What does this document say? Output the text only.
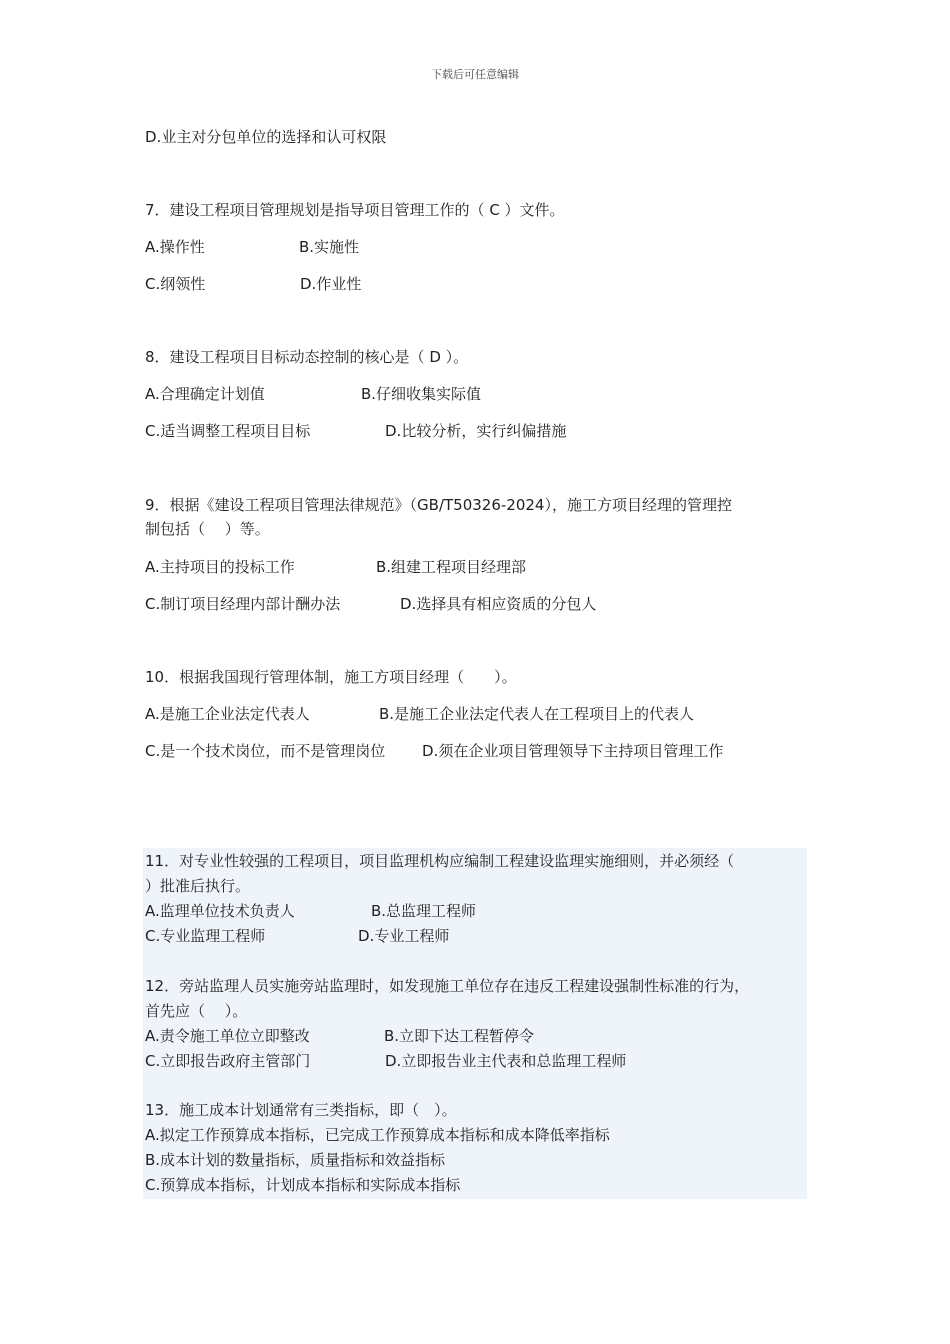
下载后可任意编辑
D.业主对分包单位的选择和认可权限
7．建设工程项目管理规划是指导项目管理工作的（ C ）文件。
A.操作性	B.实施性
C.纲领性	D.作业性
8．建设工程项目目标动态控制的核心是（ D ）。
A.合理确定计划值	B.仔细收集实际值
C.适当调整工程项目目标	D.比较分析，实行纠偏措施
9．根据《建设工程项目管理法律规范》（GB/T50326-2024），施工方项目经理的管理控
制包括（　 ）等。
A.主持项目的投标工作	B.组建工程项目经理部
C.制订项目经理内部计酬办法	D.选择具有相应资质的分包人
10．根据我国现行管理体制，施工方项目经理（　　）。
A.是施工企业法定代表人	B.是施工企业法定代表人在工程项目上的代表人
C.是一个技术岗位，而不是管理岗位 D.须在企业项目管理领导下主持项目管理工作
11．对专业性较强的工程项目，项目监理机构应编制工程建设监理实施细则，并必须经（
）批准后执行。
A.监理单位技术负责人	B.总监理工程师
C.专业监理工程师	D.专业工程师
12．旁站监理人员实施旁站监理时，如发现施工单位存在违反工程建设强制性标准的行为，
首先应（　 ）。
A.责令施工单位立即整改	B.立即下达工程暂停令
C.立即报告政府主管部门	D.立即报告业主代表和总监理工程师
13．施工成本计划通常有三类指标，即（　）。
A.拟定工作预算成本指标，已完成工作预算成本指标和成本降低率指标
B.成本计划的数量指标，质量指标和效益指标
C.预算成本指标，计划成本指标和实际成本指标
